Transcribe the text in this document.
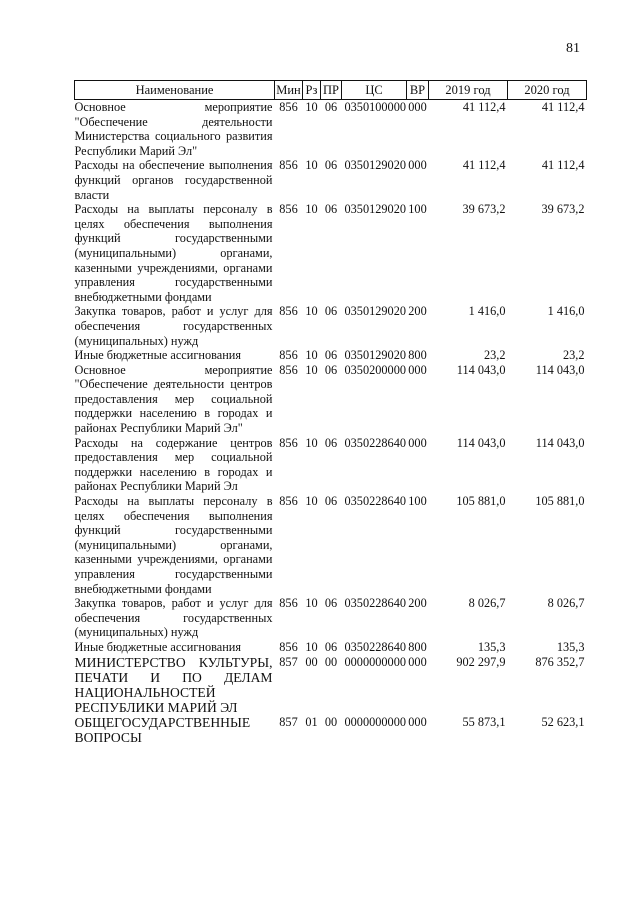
81
Наименование	Мин	Рз	ПР	ЦС	ВР	2019 год	2020 год
Основное мероприятие "Обеспечение деятельности Министерства социального развития Республики Марий Эл"	856	10	06	0350100000	000	41 112,4	41 112,4
Расходы на обеспечение выполнения функций органов государственной власти	856	10	06	0350129020	000	41 112,4	41 112,4
Расходы на выплаты персоналу в целях обеспечения выполнения функций государственными (муниципальными) органами, казенными учреждениями, органами управления государственными внебюджетными фондами	856	10	06	0350129020	100	39 673,2	39 673,2
Закупка товаров, работ и услуг для обеспечения государственных (муниципальных) нужд	856	10	06	0350129020	200	1 416,0	1 416,0
Иные бюджетные ассигнования	856	10	06	0350129020	800	23,2	23,2
Основное мероприятие "Обеспечение деятельности центров предоставления мер социальной поддержки населению в городах и районах Республики Марий Эл"	856	10	06	0350200000	000	114 043,0	114 043,0
Расходы на содержание центров предоставления мер социальной поддержки населению в городах и районах Республики Марий Эл	856	10	06	0350228640	000	114 043,0	114 043,0
Расходы на выплаты персоналу в целях обеспечения выполнения функций государственными (муниципальными) органами, казенными учреждениями, органами управления государственными внебюджетными фондами	856	10	06	0350228640	100	105 881,0	105 881,0
Закупка товаров, работ и услуг для обеспечения государственных (муниципальных) нужд	856	10	06	0350228640	200	8 026,7	8 026,7
Иные бюджетные ассигнования	856	10	06	0350228640	800	135,3	135,3
МИНИСТЕРСТВО КУЛЬТУРЫ, ПЕЧАТИ И ПО ДЕЛАМ НАЦИОНАЛЬНОСТЕЙ РЕСПУБЛИКИ МАРИЙ ЭЛ	857	00	00	0000000000	000	902 297,9	876 352,7
ОБЩЕГОСУДАРСТВЕННЫЕ ВОПРОСЫ	857	01	00	0000000000	000	55 873,1	52 623,1
